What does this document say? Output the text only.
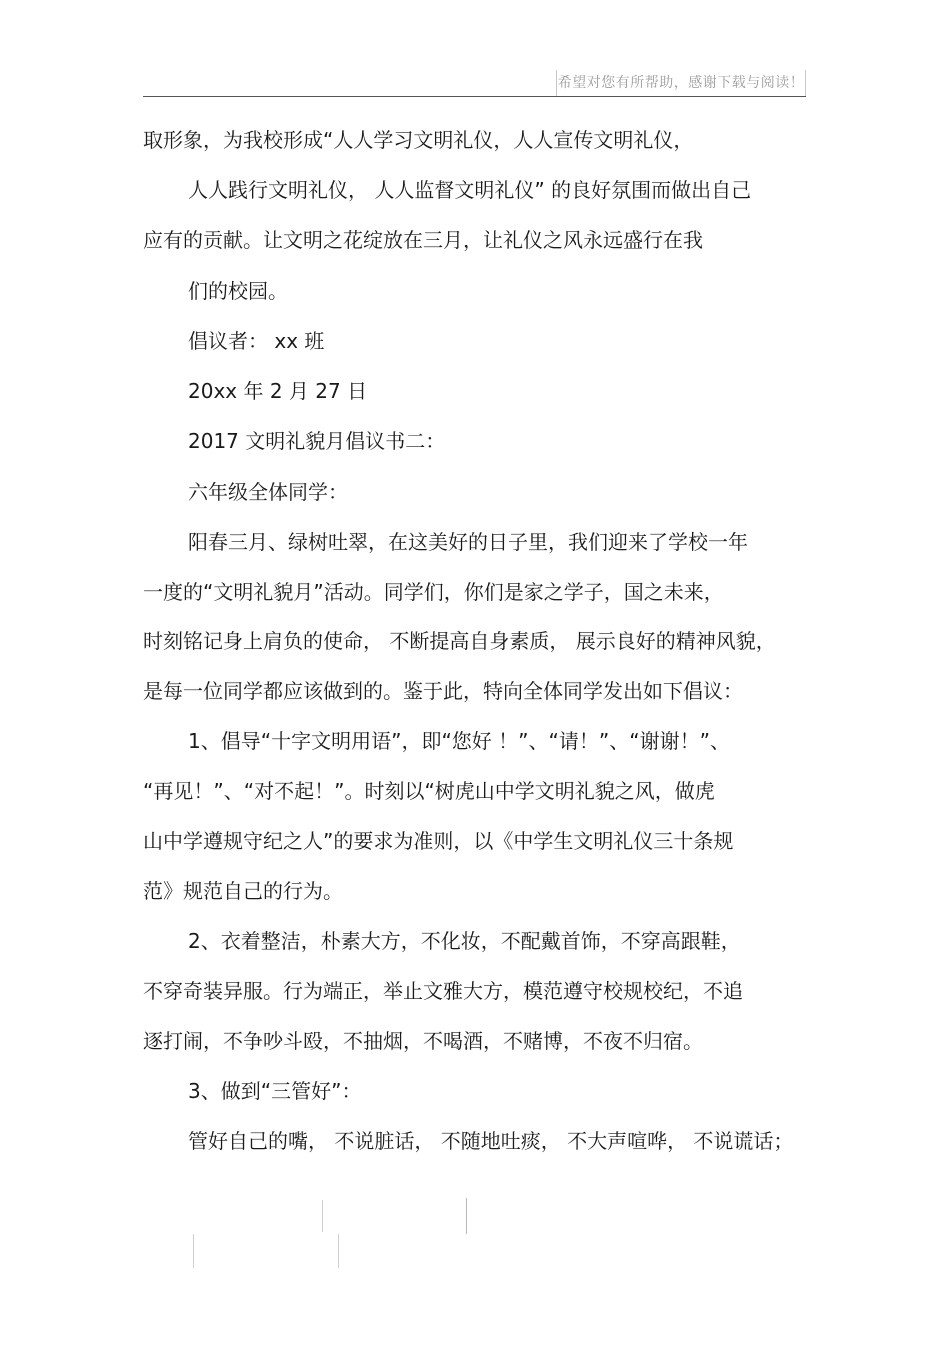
希望对您有所帮助，感谢下载与阅读！
取形象，为我校形成“人人学习文明礼仪，人人宣传文明礼仪，
人人践行文明礼仪， 人人监督文明礼仪” 的良好氛围而做出自己
应有的贡献。让文明之花绽放在三月，让礼仪之风永远盛行在我
们的校园。
倡议者： xx 班
20xx 年 2 月 27 日
2017 文明礼貌月倡议书二：
六年级全体同学：
阳春三月、绿树吐翠，在这美好的日子里，我们迎来了学校一年
一度的“文明礼貌月”活动。同学们，你们是家之学子，国之未来，
时刻铭记身上肩负的使命， 不断提高自身素质， 展示良好的精神风貌，
是每一位同学都应该做到的。鉴于此，特向全体同学发出如下倡议：
1、倡导“十字文明用语”，即“您好 ！”、“请！”、“谢谢！”、
“再见！”、“对不起！”。时刻以“树虎山中学文明礼貌之风，做虎
山中学遵规守纪之人”的要求为准则，以《中学生文明礼仪三十条规
范》规范自己的行为。
2、衣着整洁，朴素大方，不化妆，不配戴首饰，不穿高跟鞋，
不穿奇装异服。行为端正，举止文雅大方，模范遵守校规校纪，不追
逐打闹，不争吵斗殴，不抽烟，不喝酒，不赌博，不夜不归宿。
3、做到“三管好”：
管好自己的嘴， 不说脏话， 不随地吐痰， 不大声喧哗， 不说谎话；
